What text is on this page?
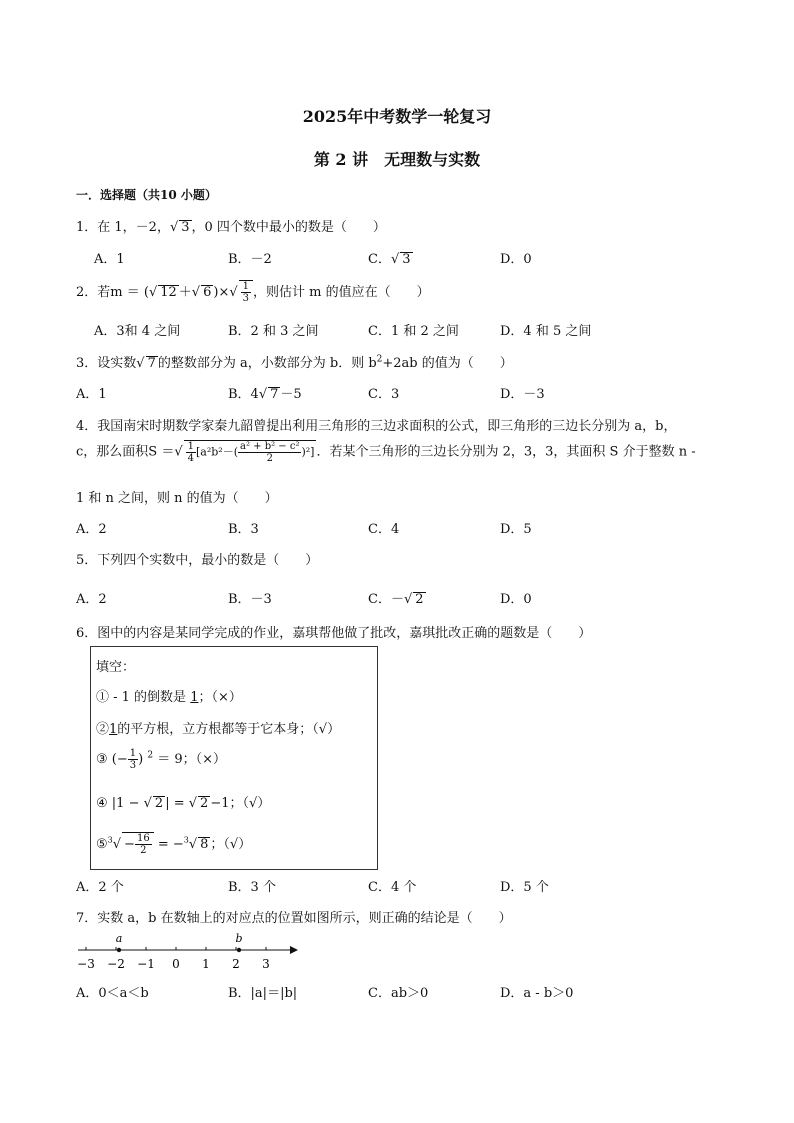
2025年中考数学一轮复习
第 2 讲　无理数与实数
一．选择题（共10 小题）
1．在 1，－2，√ 3 ，0 四个数中最小的数是（　　）
A．1	B．－2	C．√ 3	D．0
2．若m ＝ (√ 12 ＋√ 6 )×√ $\frac{1}{3}$ ，则估计 m 的值应在（　　）
A．3和 4 之间	B．2 和 3 之间	C．1 和 2 之间	D．4 和 5 之间
3．设实数√ 7 的整数部分为 a，小数部分为 b．则 $b^2+2ab$ 的值为（　　）
A．1	B．4√ 7 －5	C．3	D．－3
4．我国南宋时期数学家秦九韶曾提出利用三角形的三边求面积的公式，即三角形的三边长分别为 a，b，
c，那么面积S ＝√ $\frac{1}{4} [a^2b^2-( \frac{\text{a² + b² − c²}}{2} )^2]$ ．若某个三角形的三边长分别为 2，3，3，其面积 S 介于整数 n -
1 和 n 之间，则 n 的值为（　　）
A．2	B．3	C．4	D．5
5．下列四个实数中，最小的数是（　　）
A．2	B．－3	C．－√ 2	D．0
6．图中的内容是某同学完成的作业，嘉琪帮他做了批改，嘉琪批改正确的题数是（　　）
填空：
① - 1 的倒数是 1；（×）
②1的平方根，立方根都等于它本身；（√）
③ (− $\frac{1}{3}$ ) $^2$ ＝ 9；（×）
④ |1 − √ 2 | = √ 2 −1；（√）
⑤$^3$√ − $\frac{16}{2} = -^3√$ 8 ；（√）
A．2 个	B．3 个	C．4 个	D．5 个
7．实数 a，b 在数轴上的对应点的位置如图所示，则正确的结论是（　　）
−3 −2 −1 0 1 2 3
a	b
A．0＜a＜b	B．|a|＝|b|	C．ab＞0	D．a - b＞0
